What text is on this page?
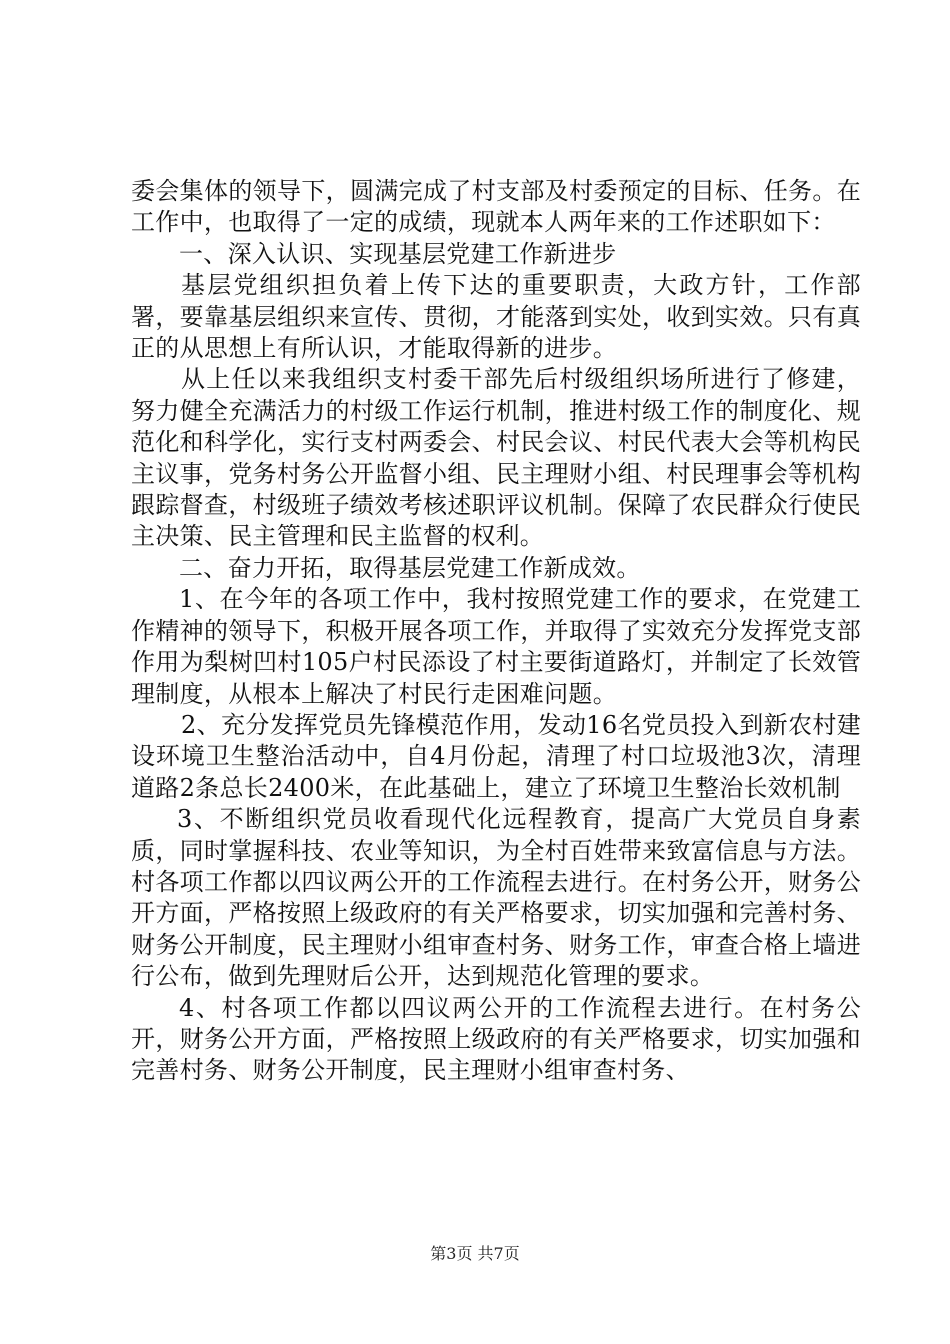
委会集体的领导下，圆满完成了村支部及村委预定的目标、任务。在工作中，也取得了一定的成绩，现就本人两年来的工作述职如下：

一、深入认识、实现基层党建工作新进步

基层党组织担负着上传下达的重要职责，大政方针，工作部署，要靠基层组织来宣传、贯彻，才能落到实处，收到实效。只有真正的从思想上有所认识，才能取得新的进步。

从上任以来我组织支村委干部先后村级组织场所进行了修建，努力健全充满活力的村级工作运行机制，推进村级工作的制度化、规范化和科学化，实行支村两委会、村民会议、村民代表大会等机构民主议事，党务村务公开监督小组、民主理财小组、村民理事会等机构跟踪督查，村级班子绩效考核述职评议机制。保障了农民群众行使民主决策、民主管理和民主监督的权利。

二、奋力开拓，取得基层党建工作新成效。

1、在今年的各项工作中，我村按照党建工作的要求，在党建工作精神的领导下，积极开展各项工作，并取得了实效充分发挥党支部作用为梨树凹村105户村民添设了村主要街道路灯，并制定了长效管理制度，从根本上解决了村民行走困难问题。

2、充分发挥党员先锋模范作用，发动16名党员投入到新农村建设环境卫生整治活动中，自4月份起，清理了村口垃圾池3次，清理道路2条总长2400米，在此基础上，建立了环境卫生整治长效机制

3、不断组织党员收看现代化远程教育，提高广大党员自身素质，同时掌握科技、农业等知识，为全村百姓带来致富信息与方法。村各项工作都以四议两公开的工作流程去进行。在村务公开，财务公开方面，严格按照上级政府的有关严格要求，切实加强和完善村务、财务公开制度，民主理财小组审查村务、财务工作，审查合格上墙进行公布，做到先理财后公开，达到规范化管理的要求。

4、村各项工作都以四议两公开的工作流程去进行。在村务公开，财务公开方面，严格按照上级政府的有关严格要求，切实加强和完善村务、财务公开制度，民主理财小组审查村务、

第3页 共7页
